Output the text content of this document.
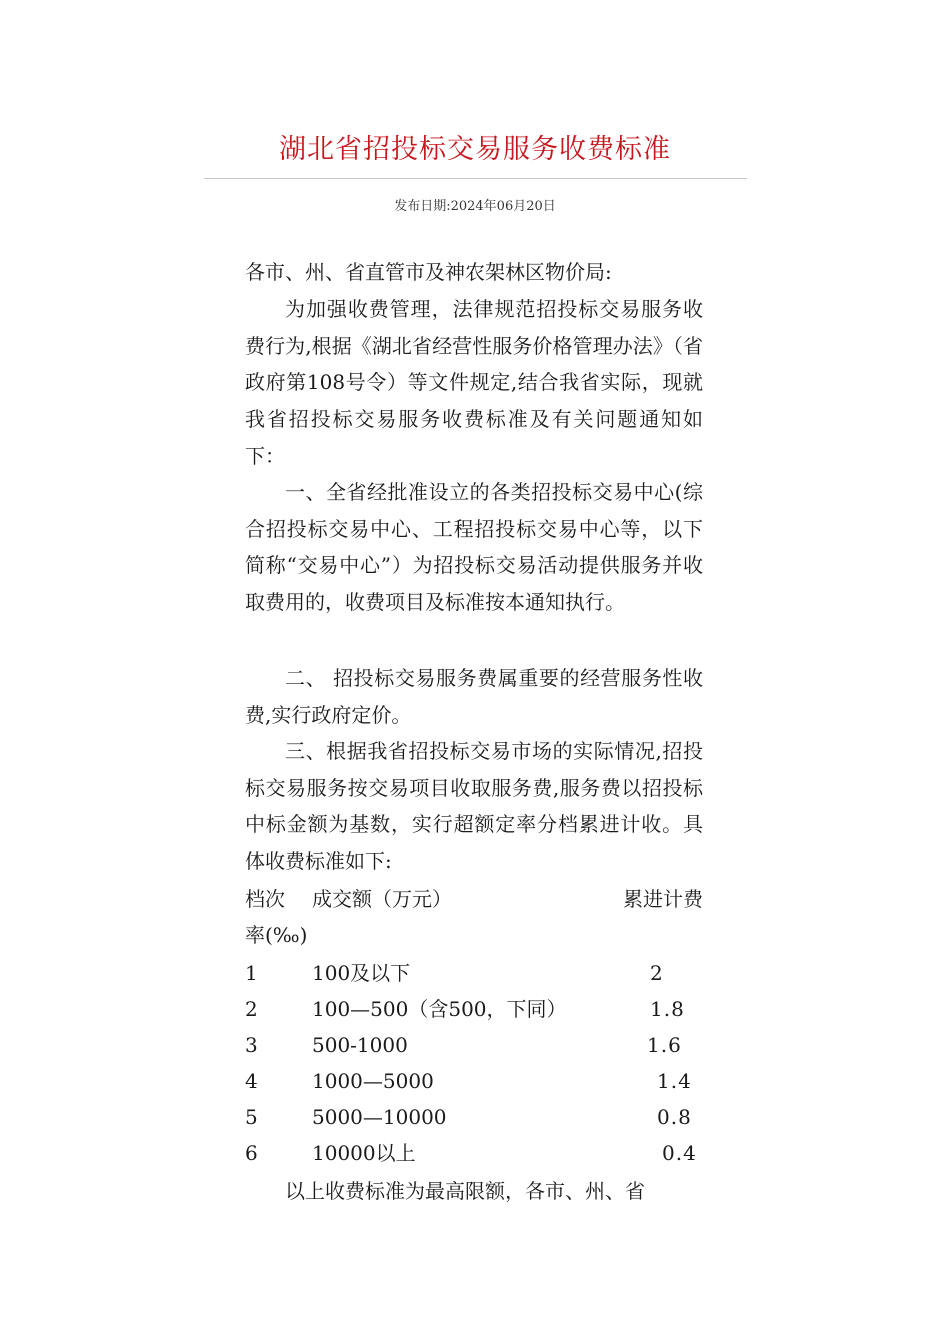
湖北省招投标交易服务收费标准
发布日期:2024年06月20日
各市、州、省直管市及神农架林区物价局:

为加强收费管理，法律规范招投标交易服务收费行为,根据《湖北省经营性服务价格管理办法》（省政府第108号令）等文件规定,结合我省实际，现就我省招投标交易服务收费标准及有关问题通知如下：

一、全省经批准设立的各类招投标交易中心(综合招投标交易中心、工程招投标交易中心等，以下简称“交易中心”）为招投标交易活动提供服务并收取费用的，收费项目及标准按本通知执行。

二、 招投标交易服务费属重要的经营服务性收费,实行政府定价。

三、根据我省招投标交易市场的实际情况,招投标交易服务按交易项目收取服务费,服务费以招投标中标金额为基数，实行超额定率分档累进计收。具体收费标准如下:

档次 成交额（万元）	累进计费
率(‰)
1	100及以下	2
2	100—500（含500，下同）	1.8
3	500-1000	1.6
4	1000—5000	1.4
5	5000—10000	0.8
6	10000以上	0.4
以上收费标准为最高限额，各市、州、省
